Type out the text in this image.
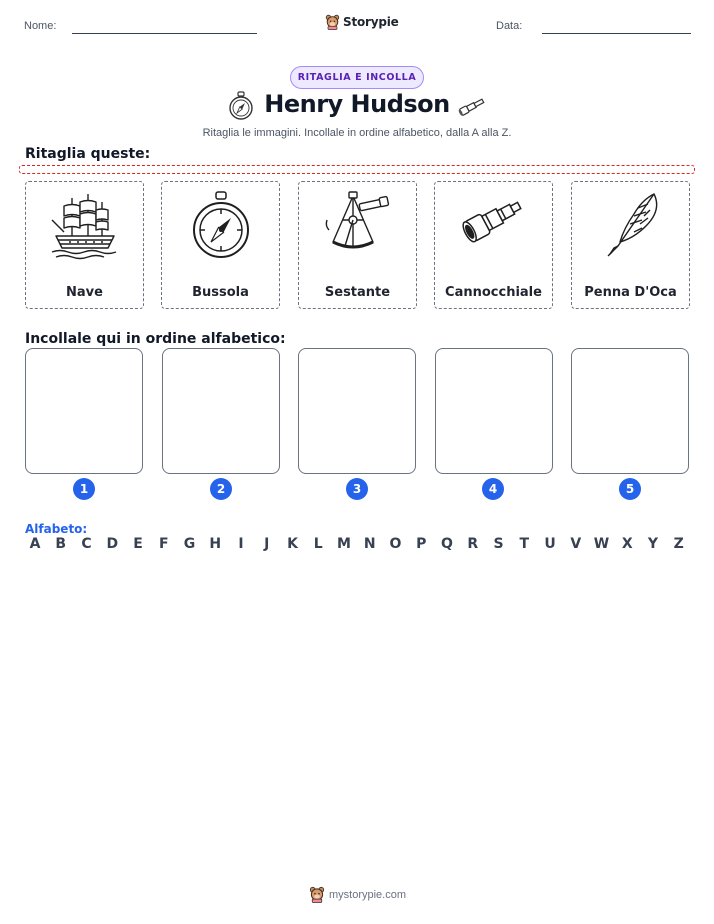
Nome:	Storypie	Data:
RITAGLIA E INCOLLA
Henry Hudson
Ritaglia le immagini. Incollale in ordine alfabetico, dalla A alla Z.
Ritaglia queste:
Nave	Bussola	Sestante	Cannocchiale	Penna D'Oca
Incollale qui in ordine alfabetico:
1	2	3	4	5
Alfabeto:
A	B	C	D	E	F	G	H	I	J	K	L	M N O	P	Q	R	S	T	U	V W X	Y	Z
mystorypie.com
